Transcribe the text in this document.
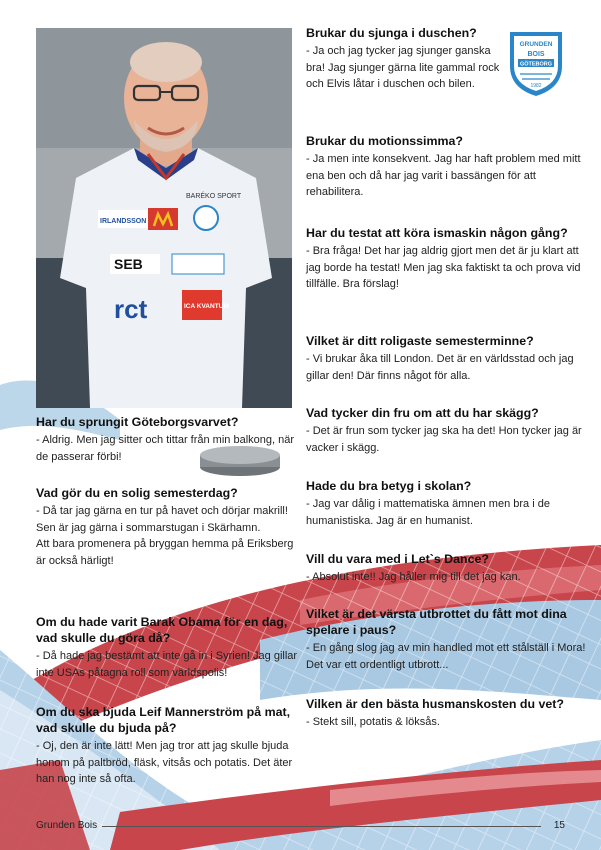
BARÉKO SPORT
IRLANDSSON
SEB
rct	ICA KVANTUM
GRUNDEN
BOIS
GÖTEBORG
1982

Har du sprungit Göteborgsvarvet?

- Aldrig. Men jag sitter och tittar från min balkong, när de passerar förbi!

Vad gör du en solig semesterdag?

- Då tar jag gärna en tur på havet och dörjar makrill! Sen är jag gärna i sommarstugan i Skärhamn.

Att bara promenera på bryggan hemma på Eriksberg är också härligt!

Om du hade varit Barak Obama för en dag, vad skulle du göra då?

- Då hade jag bestämt att inte gå in i Syrien! Jag gillar inte USAs påtagna roll som världspolis!

Om du ska bjuda Leif Mannerström på mat, vad skulle du bjuda på?

- Oj, den är inte lätt! Men jag tror att jag skulle bjuda honom på paltbröd, fläsk, vitsås och potatis. Det äter han nog inte så ofta.

Brukar du sjunga i duschen?

- Ja och jag tycker jag sjunger ganska bra! Jag sjunger gärna lite gammal rock och Elvis låtar i duschen och bilen.

Brukar du motionssimma?

- Ja men inte konsekvent. Jag har haft problem med mitt ena ben och då har jag varit i bassängen för att rehabilitera.

Har du testat att köra ismaskin någon gång?

- Bra fråga! Det har jag aldrig gjort men det är ju klart att jag borde ha testat! Men jag ska faktiskt ta och prova vid tillfälle. Bra förslag!

Vilket är ditt roligaste semesterminne?

- Vi brukar åka till London. Det är en världsstad och jag gillar den! Där finns något för alla.

Vad tycker din fru om att du har skägg?

- Det är frun som tycker jag ska ha det! Hon tycker jag är vacker i skägg.

Hade du bra betyg i skolan?

- Jag var dålig i mattematiska ämnen men bra i de humanistiska. Jag är en humanist.

Vill du vara med i Let`s Dance?

- Absolut inte!! Jag håller mig till det jag kan.

Vilket är det värsta utbrottet du fått mot dina spelare i paus?

- En gång slog jag av min handled mot ett stålställ i Mora! Det var ett ordentligt utbrott...

Vilken är den bästa husmanskosten du vet?

- Stekt sill, potatis & löksås.

Grunden Bois	15
